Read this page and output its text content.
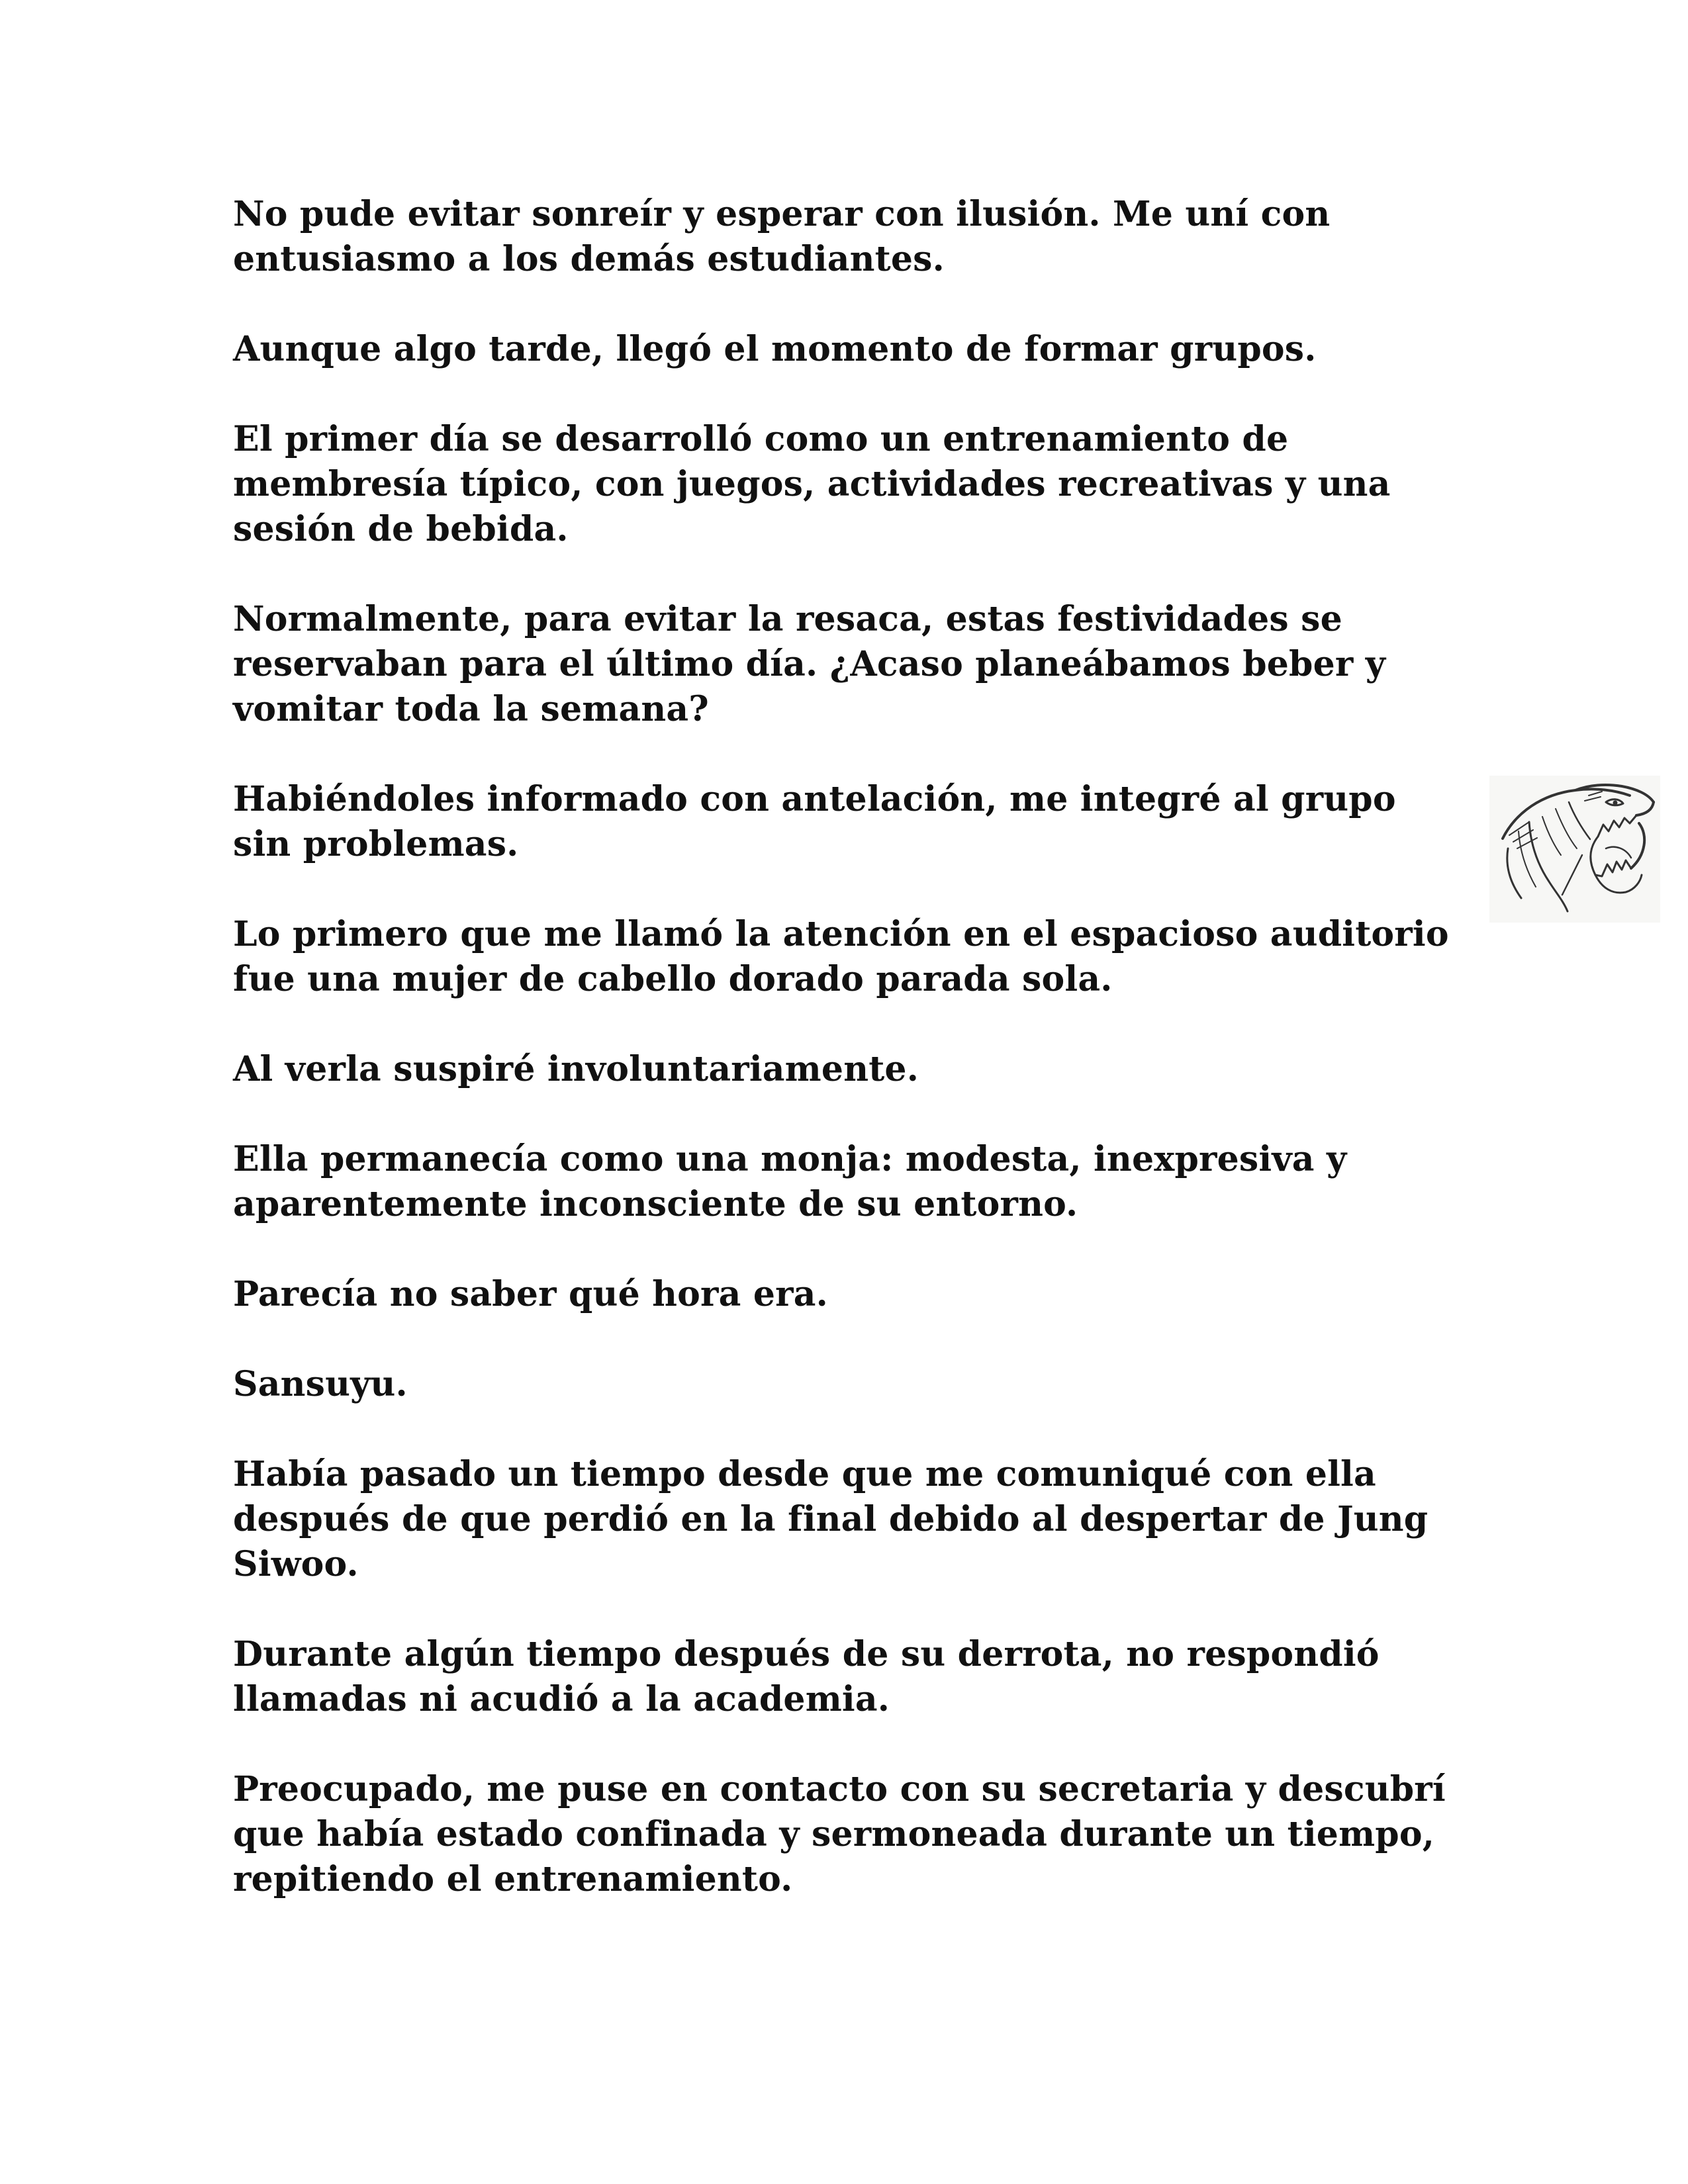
No pude evitar sonreír y esperar con ilusión. Me uní con entusiasmo a los demás estudiantes.

Aunque algo tarde, llegó el momento de formar grupos.

El primer día se desarrolló como un entrenamiento de membresía típico, con juegos, actividades recreativas y una sesión de bebida.

Normalmente, para evitar la resaca, estas festividades se reservaban para el último día. ¿Acaso planeábamos beber y vomitar toda la semana?

Habiéndoles informado con antelación, me integré al grupo sin problemas.

Lo primero que me llamó la atención en el espacioso auditorio fue una mujer de cabello dorado parada sola.

Al verla suspiré involuntariamente.

Ella permanecía como una monja: modesta, inexpresiva y aparentemente inconsciente de su entorno.

Parecía no saber qué hora era.

Sansuyu.

Había pasado un tiempo desde que me comuniqué con ella después de que perdió en la final debido al despertar de Jung Siwoo.

Durante algún tiempo después de su derrota, no respondió llamadas ni acudió a la academia.

Preocupado, me puse en contacto con su secretaria y descubrí que había estado confinada y sermoneada durante un tiempo, repitiendo el entrenamiento.
